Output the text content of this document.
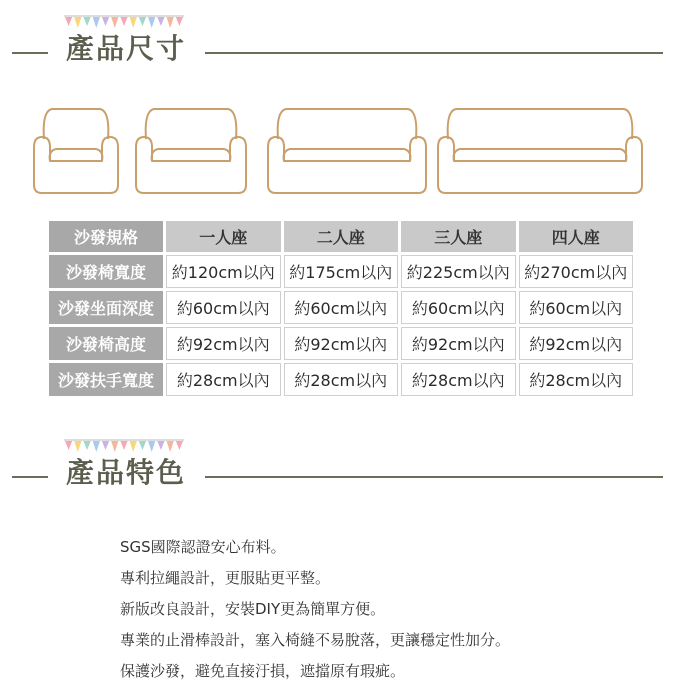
產品尺寸
沙發規格	一人座	二人座	三人座	四人座
沙發椅寬度	約120cm以內	約175cm以內	約225cm以內	約270cm以內
沙發坐面深度	約60cm以內	約60cm以內	約60cm以內	約60cm以內
沙發椅高度	約92cm以內	約92cm以內	約92cm以內	約92cm以內
沙發扶手寬度	約28cm以內	約28cm以內	約28cm以內	約28cm以內
產品特色
SGS國際認證安心布料。
專利拉繩設計，更服貼更平整。
新版改良設計，安裝DIY更為簡單方便。
專業的止滑棒設計，塞入椅縫不易脫落，更讓穩定性加分。
保護沙發，避免直接汙損，遮擋原有瑕疵。
